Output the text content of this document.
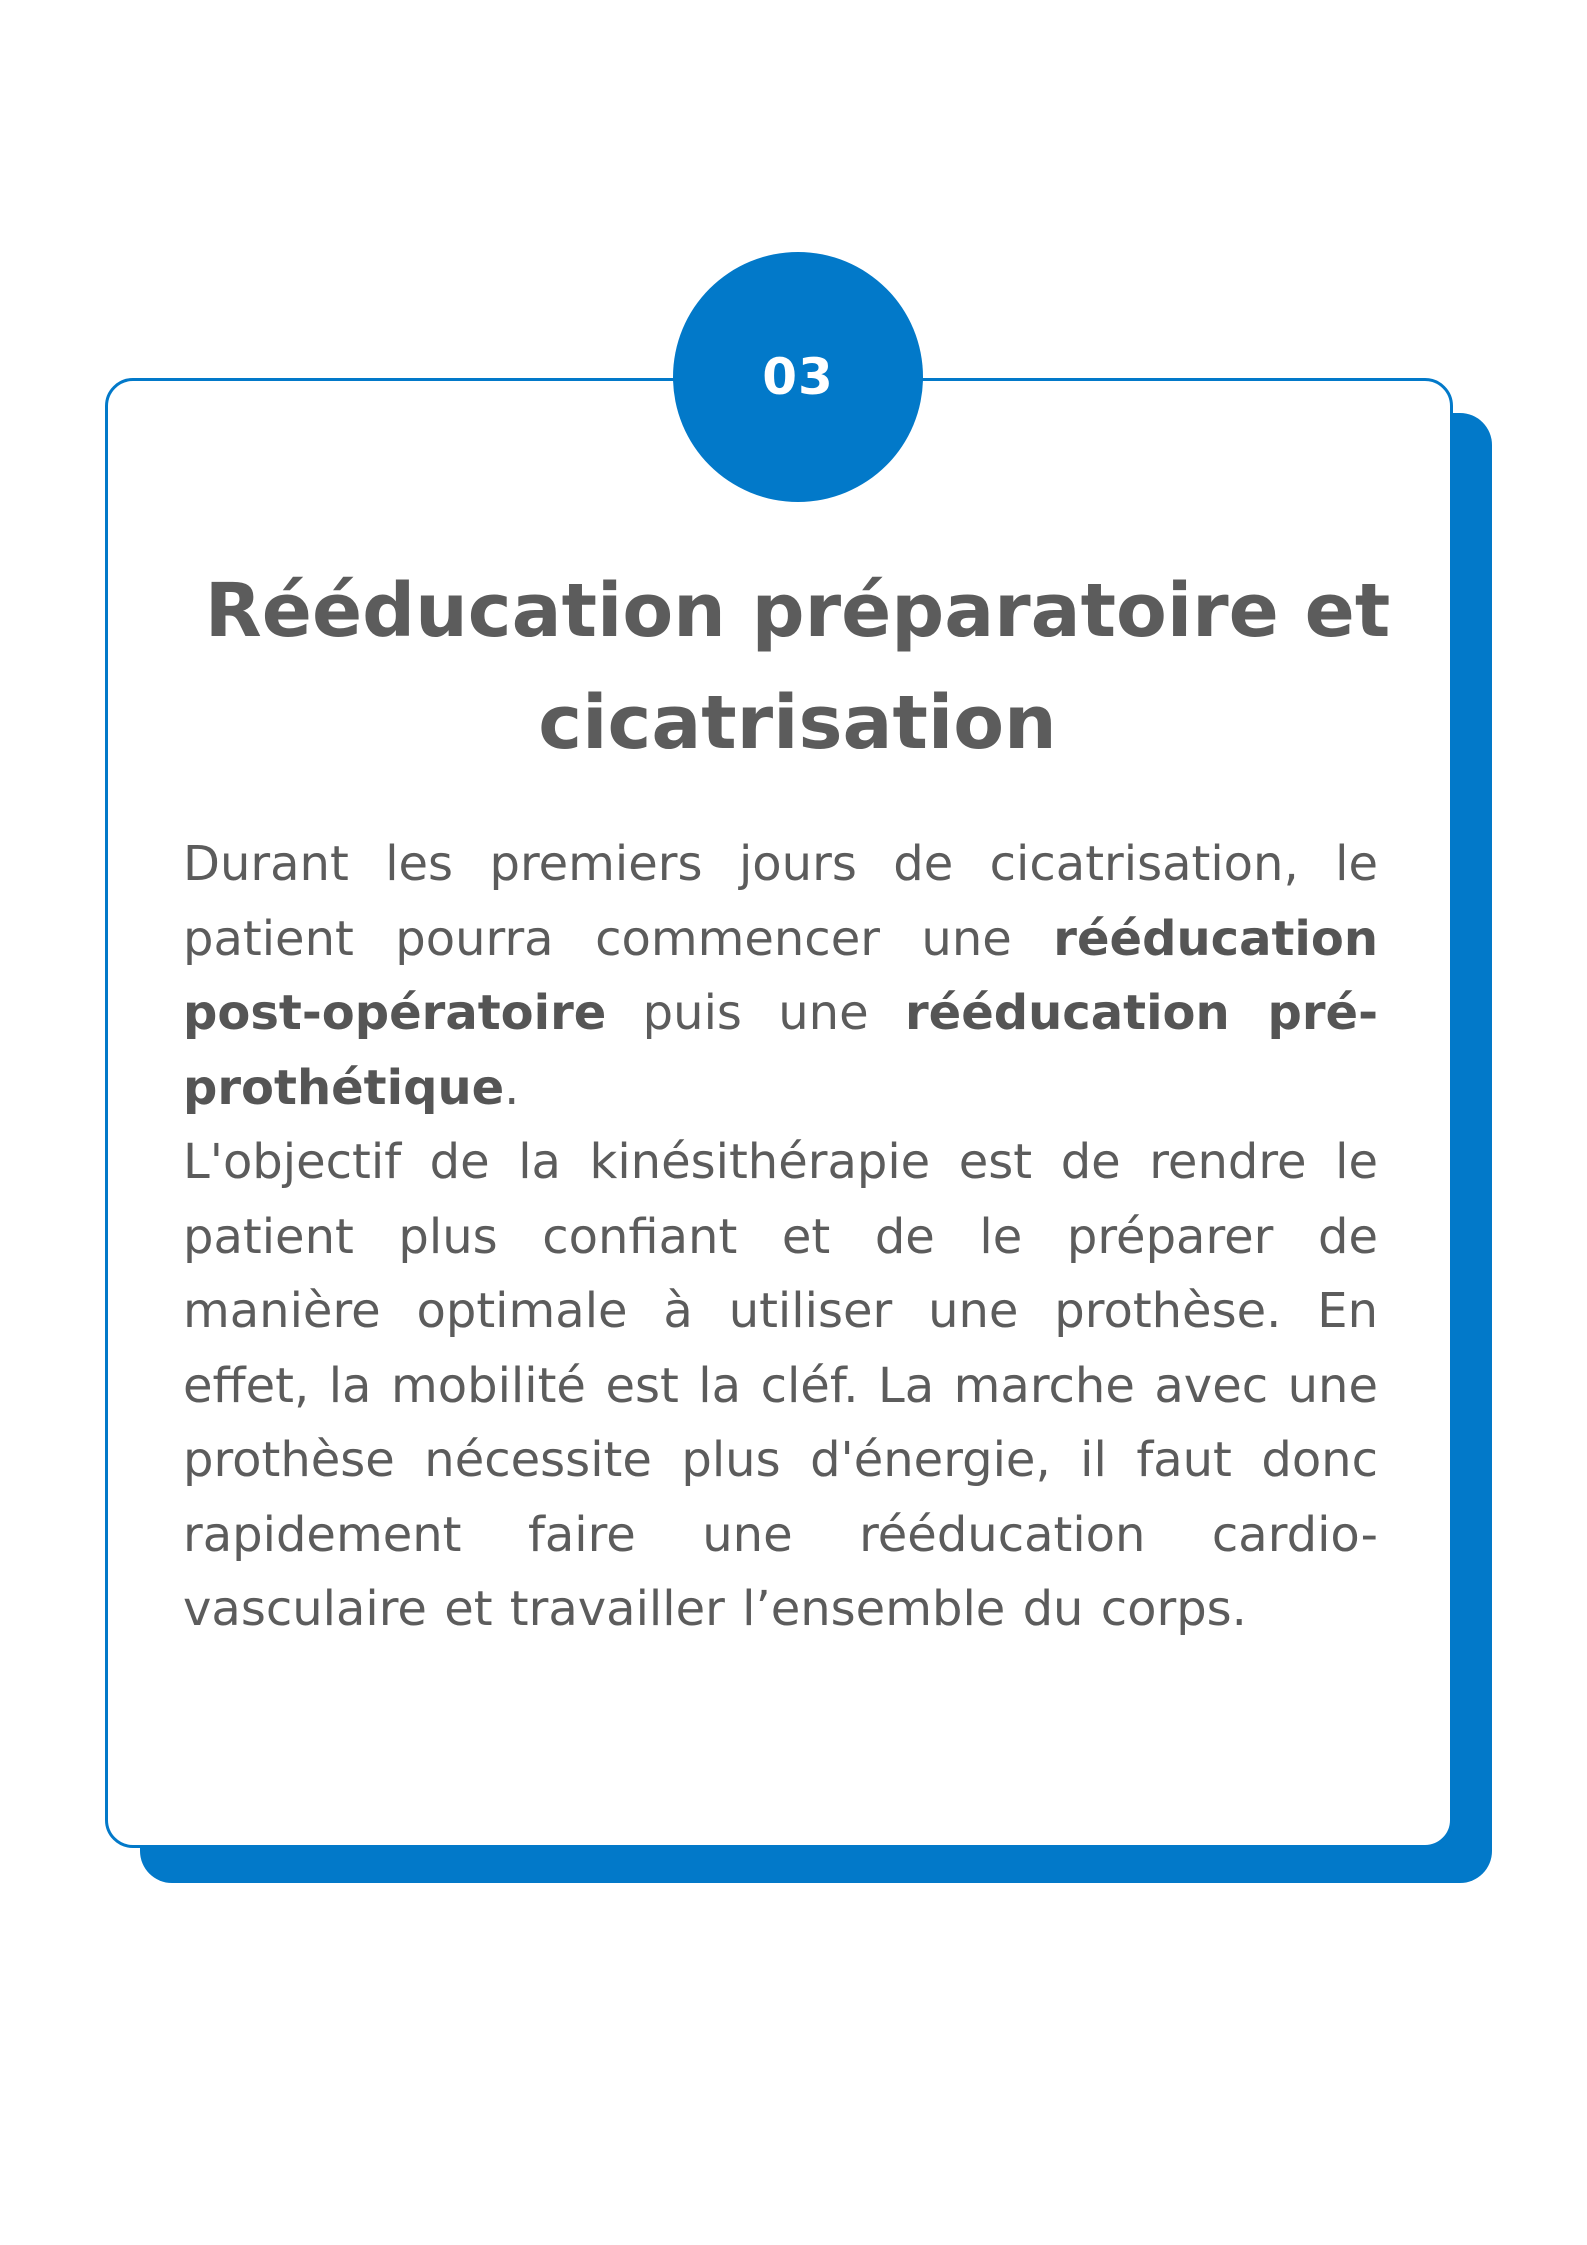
03
Rééducation préparatoire et cicatrisation

Durant les premiers jours de cicatrisation, le patient pourra commencer une rééducation post-opératoire puis une rééducation pré-prothétique.

L'objectif de la kinésithérapie est de rendre le patient plus confiant et de le préparer de manière optimale à utiliser une prothèse. En effet, la mobilité est la cléf. La marche avec une prothèse nécessite plus d'énergie, il faut donc rapidement faire une rééducation cardio-vasculaire et travailler l’ensemble du corps.
